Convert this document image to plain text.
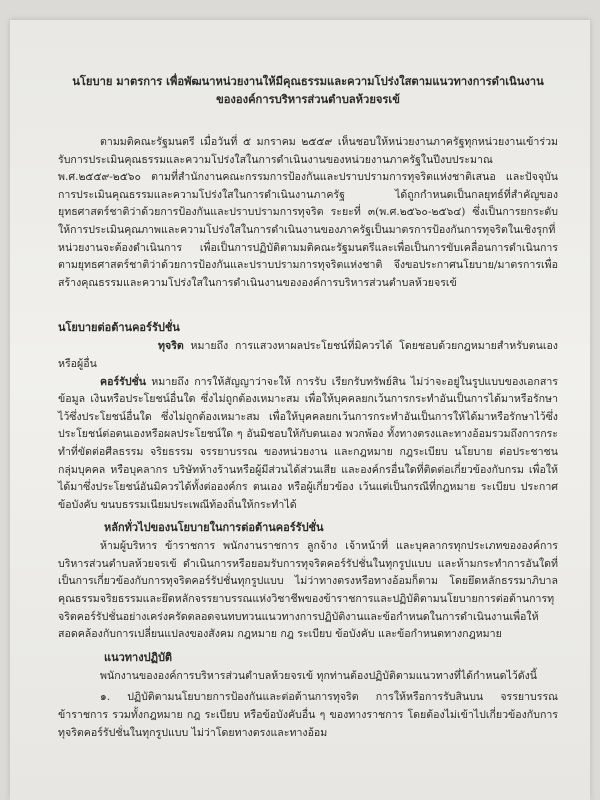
นโยบาย มาตรการ เพื่อพัฒนาหน่วยงานให้มีคุณธรรมและความโปร่งใสตามแนวทางการดำเนินงาน

ขององค์การบริหารส่วนตำบลห้วยจรเข้

ตามมติคณะรัฐมนตรี เมื่อวันที่ ๕ มกราคม ๒๕๕๙ เห็นชอบให้หน่วยงานภาครัฐทุกหน่วยงานเข้าร่วมรับการประเมินคุณธรรมและความโปร่งใสในการดำเนินงานของหน่วยงานภาครัฐในปีงบประมาณ พ.ศ.๒๕๕๙-๒๕๖๐ ตามที่สำนักงานคณะกรรมการป้องกันและปราบปรามการทุจริตแห่งชาติเสนอ และปัจจุบันการประเมินคุณธรรมและความโปร่งใสในการดำเนินงานภาครัฐ ได้ถูกกำหนดเป็นกลยุทธ์ที่สำคัญของยุทธศาสตร์ชาติว่าด้วยการป้องกันและปราบปรามการทุจริต ระยะที่ ๓(พ.ศ.๒๕๖๐-๒๕๖๔) ซึ่งเป็นการยกระดับให้การประเมินคุณภาพและความโปร่งใสในการดำเนินงานของภาครัฐเป็นมาตรการป้องกันการทุจริตในเชิงรุกที่หน่วยงานจะต้องดำเนินการ เพื่อเป็นการปฏิบัติตามมติคณะรัฐมนตรีและเพื่อเป็นการขับเคลื่อนการดำเนินการตามยุทธศาสตร์ชาติว่าด้วยการป้องกันและปราบปรามการทุจริตแห่งชาติ จึงขอประกาศนโยบาย/มาตรการเพื่อสร้างคุณธรรมและความโปร่งใสในการดำเนินงานขององค์การบริหารส่วนตำบลห้วยจรเข้

นโยบายต่อต้านคอร์รัปชั่น

ทุจริต หมายถึง การแสวงหาผลประโยชน์ที่มิควรได้ โดยชอบด้วยกฎหมายสำหรับตนเองหรือผู้อื่น

คอร์รัปชั่น หมายถึง การให้สัญญาว่าจะให้ การรับ เรียกรับทรัพย์สิน ไม่ว่าจะอยู่ในรูปแบบของเอกสาร ข้อมูล เงินหรือประโยชน์อื่นใด ซึ่งไม่ถูกต้องเหมาะสม เพื่อให้บุคคลยกเว้นการกระทำอันเป็นการได้มาหรือรักษาไว้ซึ่งประโยชน์อื่นใด ซึ่งไม่ถูกต้องเหมาะสม เพื่อให้บุคคลยกเว้นการกระทำอันเป็นการให้ได้มาหรือรักษาไว้ซึ่งประโยชน์ต่อตนเองหรือผลประโยชน์ใด ๆ อันมิชอบให้กับตนเอง พวกพ้อง ทั้งทางตรงและทางอ้อมรวมถึงการกระทำที่ขัดต่อศีลธรรม จริยธรรม จรรยาบรรณ ของหน่วยงาน และกฎหมาย กฎระเบียบ นโยบาย ต่อประชาชน กลุ่มบุคคล หรือบุคลากร บริษัทห้างร้านหรือผู้มีส่วนได้ส่วนเสีย และองค์กรอื่นใดที่ติดต่อเกี่ยวข้องกับกรม เพื่อให้ได้มาซึ่งประโยชน์อันมิควรได้ทั้งต่อองค์กร ตนเอง หรือผู้เกี่ยวข้อง เว้นแต่เป็นกรณีที่กฎหมาย ระเบียบ ประกาศ ข้อบังคับ ขนบธรรมเนียมประเพณีท้องถิ่นให้กระทำได้

หลักทั่วไปของนโยบายในการต่อต้านคอร์รัปชั่น

ห้ามผู้บริหาร ข้าราชการ พนักงานราชการ ลูกจ้าง เจ้าหน้าที่ และบุคลากรทุกประเภทขององค์การบริหารส่วนตำบลห้วยจรเข้ ดำเนินการหรือยอมรับการทุจริตคอร์รัปชั่นในทุกรูปแบบ และห้ามกระทำการอันใดที่เป็นการเกี่ยวข้องกับการทุจริตคอร์รัปชั่นทุกรูปแบบ ไม่ว่าทางตรงหรือทางอ้อมก็ตาม โดยยึดหลักธรรมาภิบาลคุณธรรมจริยธรรมและยึดหลักจรรยาบรรณแห่งวิชาชีพของข้าราชการและปฏิบัติตามนโยบายการต่อต้านการทุจริตคอร์รัปชั่นอย่างเคร่งครัดตลอดจนทบทวนแนวทางการปฏิบัติงานและข้อกำหนดในการดำเนินงานเพื่อให้สอดคล้องกับการเปลี่ยนแปลงของสังคม กฎหมาย กฎ ระเบียบ ข้อบังคับ และข้อกำหนดทางกฎหมาย

แนวทางปฏิบัติ

พนักงานขององค์การบริหารส่วนตำบลห้วยจรเข้ ทุกท่านต้องปฏิบัติตามแนวทางที่ได้กำหนดไว้ดังนี้

๑. ปฏิบัติตามนโยบายการป้องกันและต่อต้านการทุจริต การให้หรือการรับสินบน จรรยาบรรณข้าราชการ รวมทั้งกฎหมาย กฎ ระเบียบ หรือข้อบังคับอื่น ๆ ของทางราชการ โดยต้องไม่เข้าไปเกี่ยวข้องกับการทุจริตคอร์รัปชั่นในทุกรูปแบบ ไม่ว่าโดยทางตรงและทางอ้อม
